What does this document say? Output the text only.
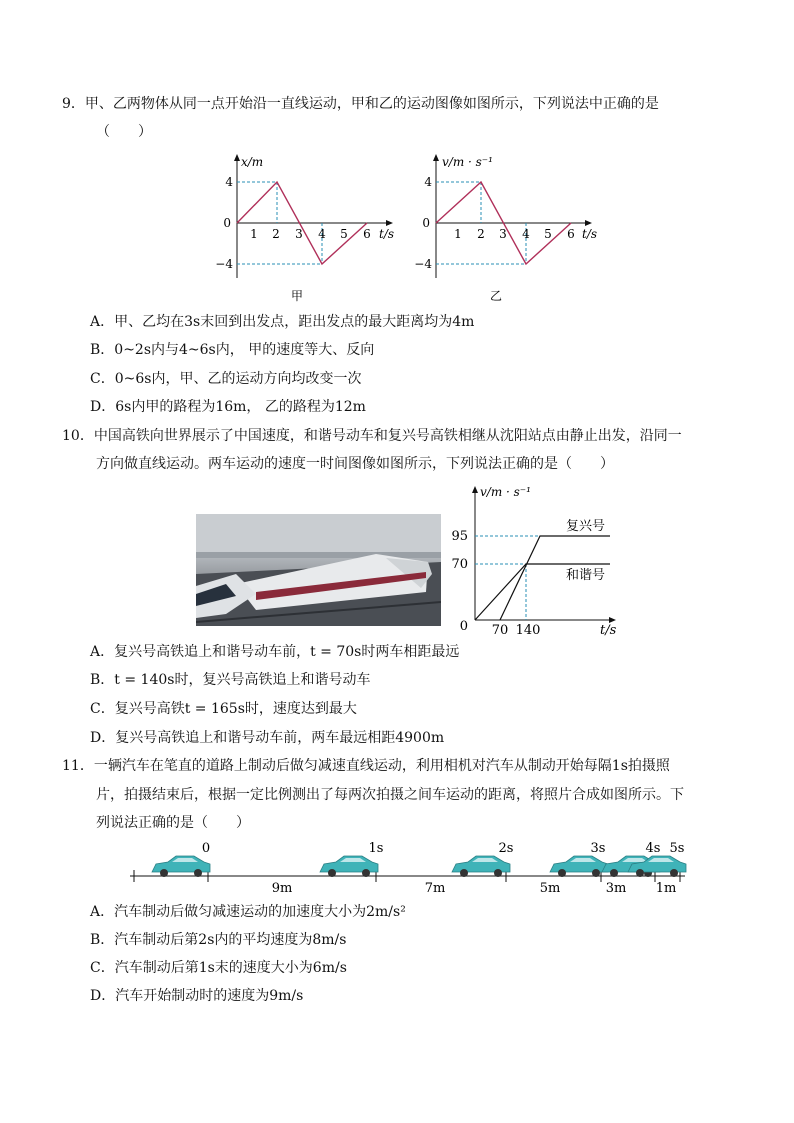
9．甲、乙两物体从同一点开始沿一直线运动，甲和乙的运动图像如图所示，下列说法中正确的是
（　　）
4
0
−4
1 2 3 4 5 6
x/m
t/s
甲
4
0
−4
1 2 3 4 5 6
v/m · s⁻¹
t/s
乙
A．甲、乙均在3s末回到出发点，距出发点的最大距离均为4m
B．0~2s内与4~6s内， 甲的速度等大、反向
C．0~6s内，甲、乙的运动方向均改变一次
D．6s内甲的路程为16m， 乙的路程为12m
10．中国高铁向世界展示了中国速度，和谐号动车和复兴号高铁相继从沈阳站点由静止出发，沿同一
方向做直线运动。两车运动的速度一时间图像如图所示，下列说法正确的是（　　）
95
70
0 70 140
v/m · s⁻¹
t/s
复兴号
和谐号
A．复兴号高铁追上和谐号动车前，t = 70s时两车相距最远
B．t = 140s时，复兴号高铁追上和谐号动车
C．复兴号高铁t = 165s时，速度达到最大
D．复兴号高铁追上和谐号动车前，两车最远相距4900m
11．一辆汽车在笔直的道路上制动后做匀减速直线运动，利用相机对汽车从制动开始每隔1s拍摄照
片，拍摄结束后，根据一定比例测出了每两次拍摄之间车运动的距离，将照片合成如图所示。下
列说法正确的是（　　）
0	1s	2s	3s	4s 5s
9m	7m	5m	3m 1m
A．汽车制动后做匀减速运动的加速度大小为2m/s²
B．汽车制动后第2s内的平均速度为8m/s
C．汽车制动后第1s末的速度大小为6m/s
D．汽车开始制动时的速度为9m/s
